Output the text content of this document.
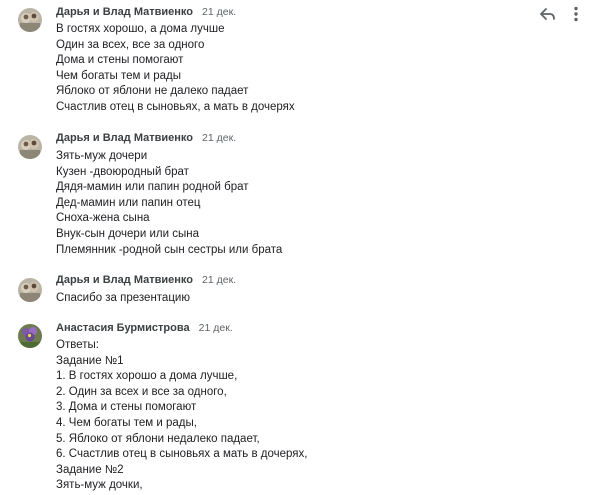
Дарья и Влад Матвиенко 21 дек.
В гостях хорошо, а дома лучше
Один за всех, все за одного
Дома и стены помогают
Чем богаты тем и рады
Яблоко от яблони не далеко падает
Счастлив отец в сыновьях, а мать в дочерях
Дарья и Влад Матвиенко 21 дек.
Зять-муж дочери
Кузен -двоюродный брат
Дядя-мамин или папин родной брат
Дед-мамин или папин отец
Сноха-жена сына
Внук-сын дочери или сына
Племянник -родной сын сестры или брата
Дарья и Влад Матвиенко 21 дек.
Спасибо за презентацию
Анастасия Бурмистрова 21 дек.
Ответы:
Задание №1
1. В гостях хорошо а дома лучше,
2. Один за всех и все за одного,
3. Дома и стены помогают
4. Чем богаты тем и рады,
5. Яблоко от яблони недалеко падает,
6. Счастлив отец в сыновьях а мать в дочерях,
Задание №2
Зять-муж дочки,
